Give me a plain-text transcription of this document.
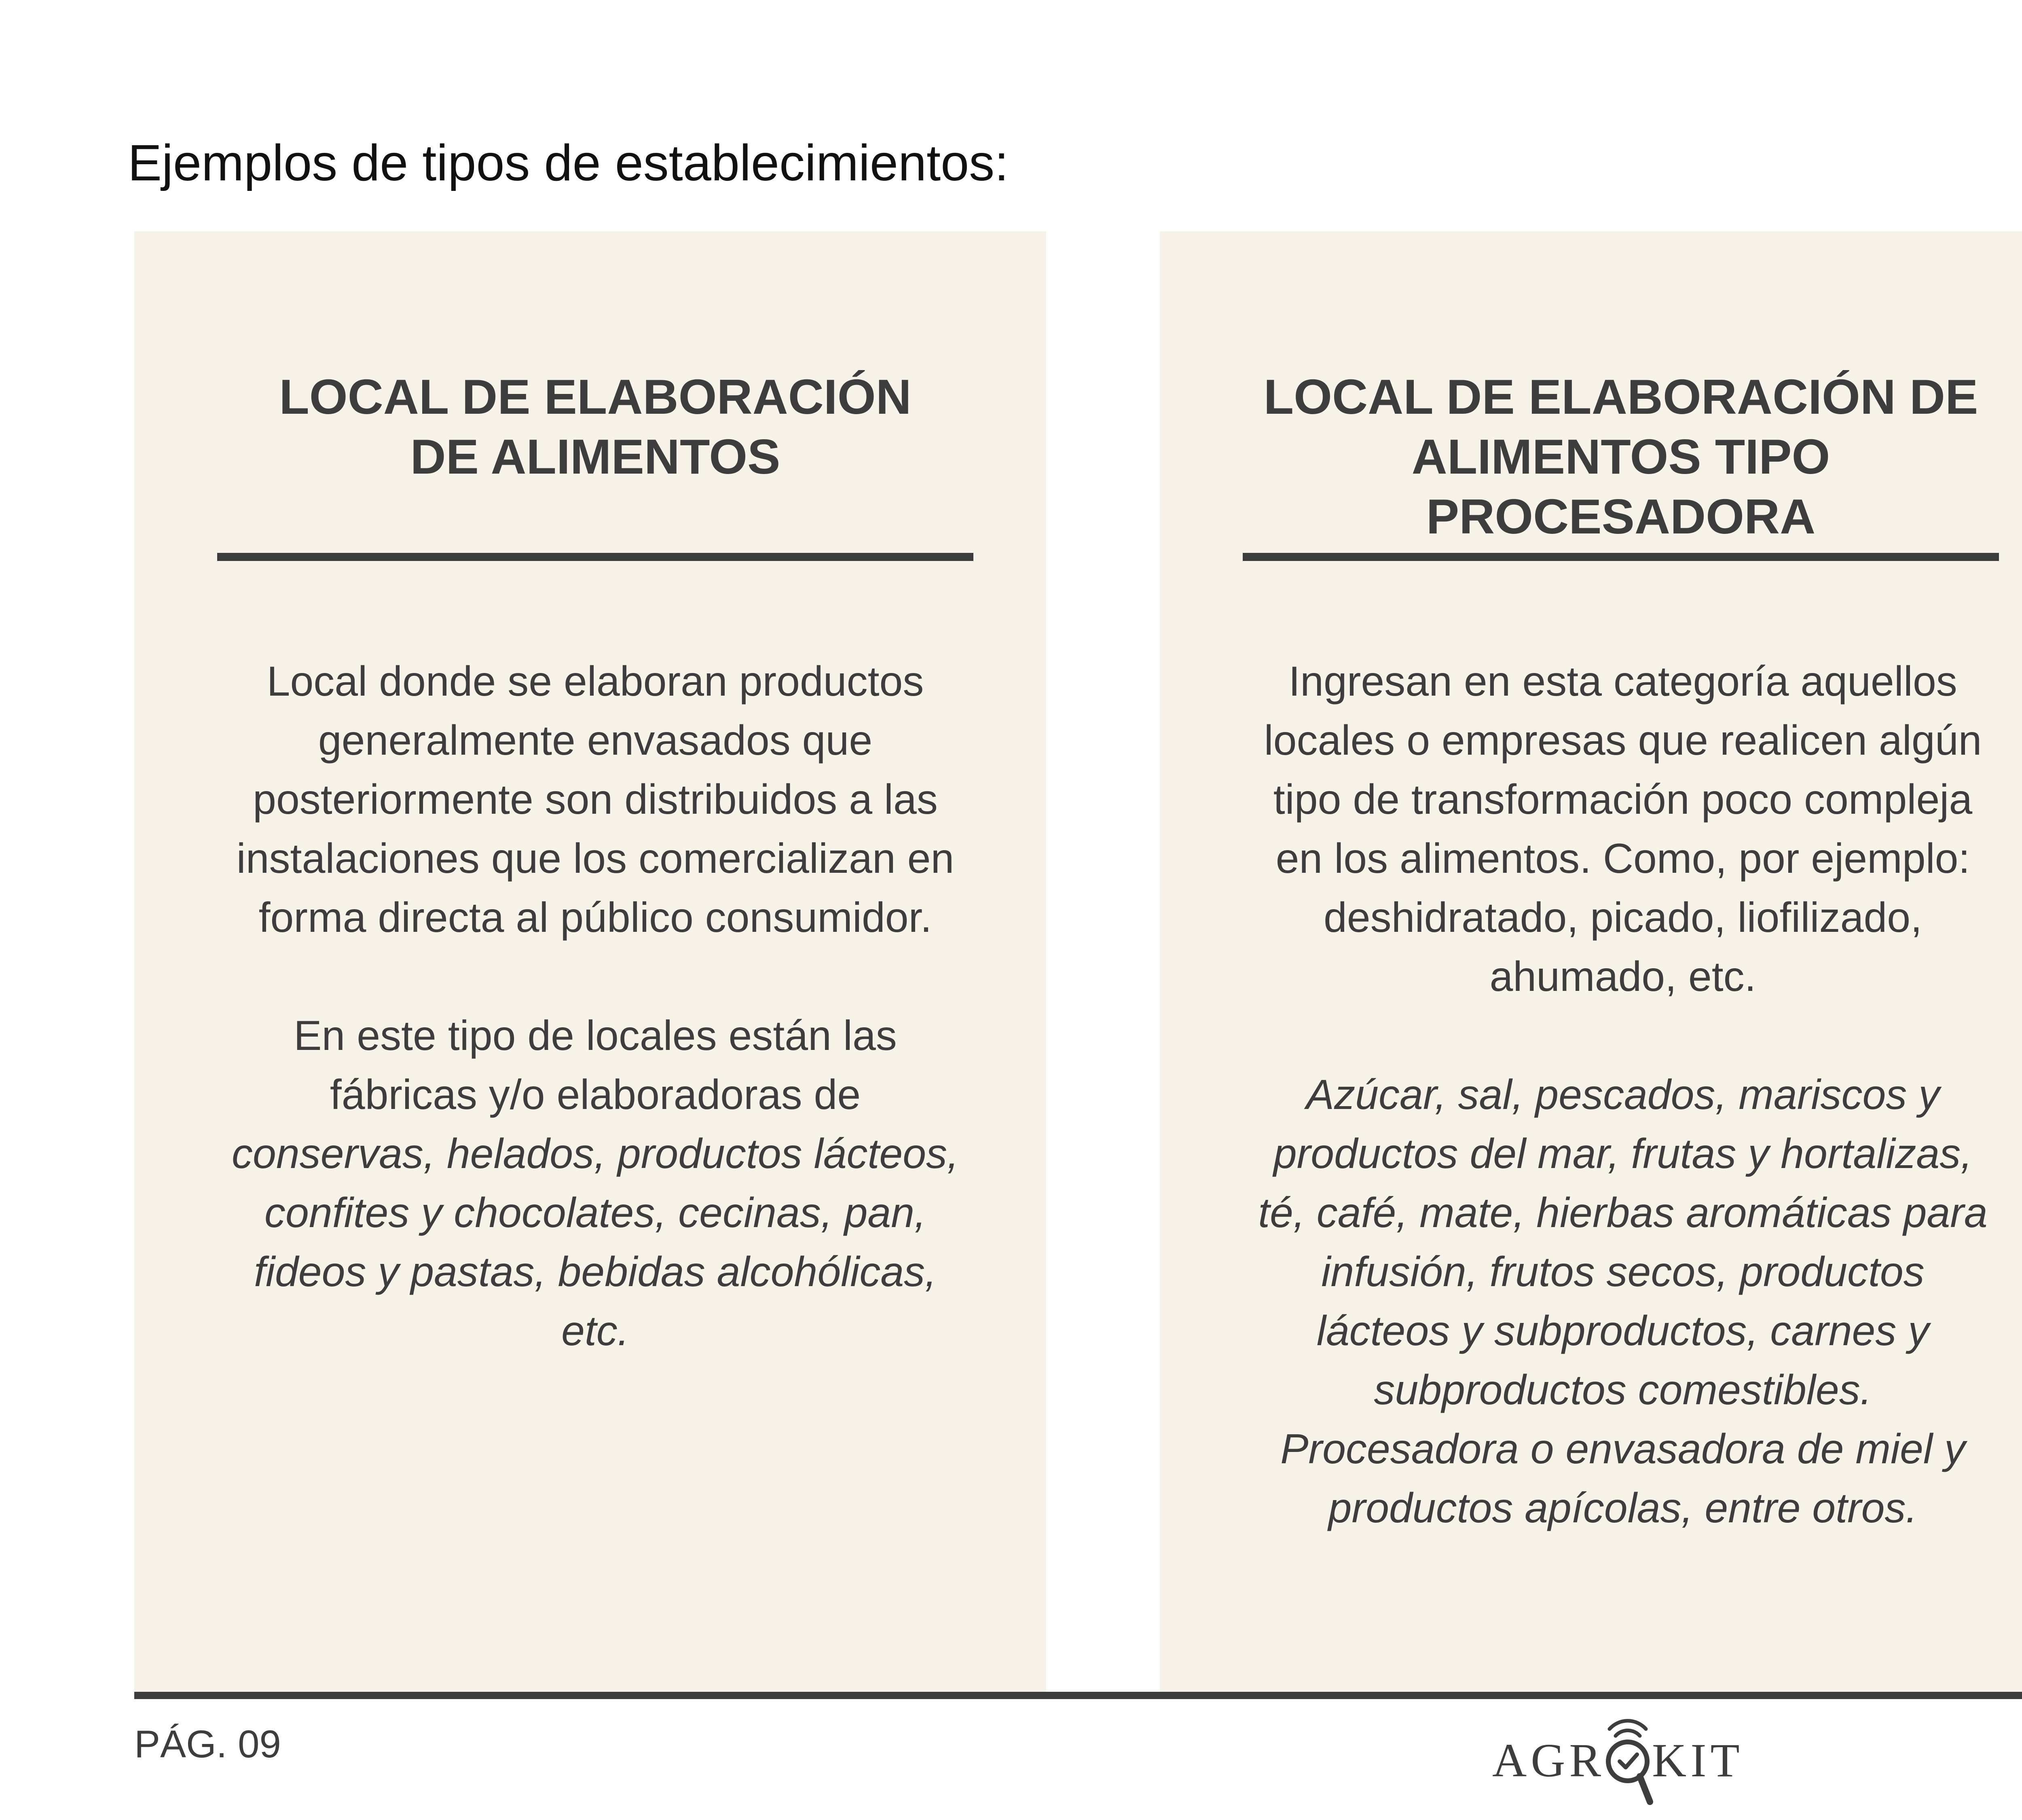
Ejemplos de tipos de establecimientos:
LOCAL DE ELABORACIÓN
DE ALIMENTOS

Local donde se elaboran productos generalmente envasados que posteriormente son distribuidos a las instalaciones que los comercializan en forma directa al público consumidor.

En este tipo de locales están las fábricas y/o elaboradoras de conservas, helados, productos lácteos, confites y chocolates, cecinas, pan, fideos y pastas, bebidas alcohólicas, etc.

LOCAL DE ELABORACIÓN DE
ALIMENTOS TIPO
PROCESADORA

Ingresan en esta categoría aquellos locales o empresas que realicen algún tipo de transformación poco compleja en los alimentos. Como, por ejemplo: deshidratado, picado, liofilizado, ahumado, etc.

Azúcar, sal, pescados, mariscos y productos del mar, frutas y hortalizas, té, café, mate, hierbas aromáticas para infusión, frutos secos, productos lácteos y subproductos, carnes y subproductos comestibles. Procesadora o envasadora de miel y productos apícolas, entre otros.

PÁG. 09	AGR KIT
